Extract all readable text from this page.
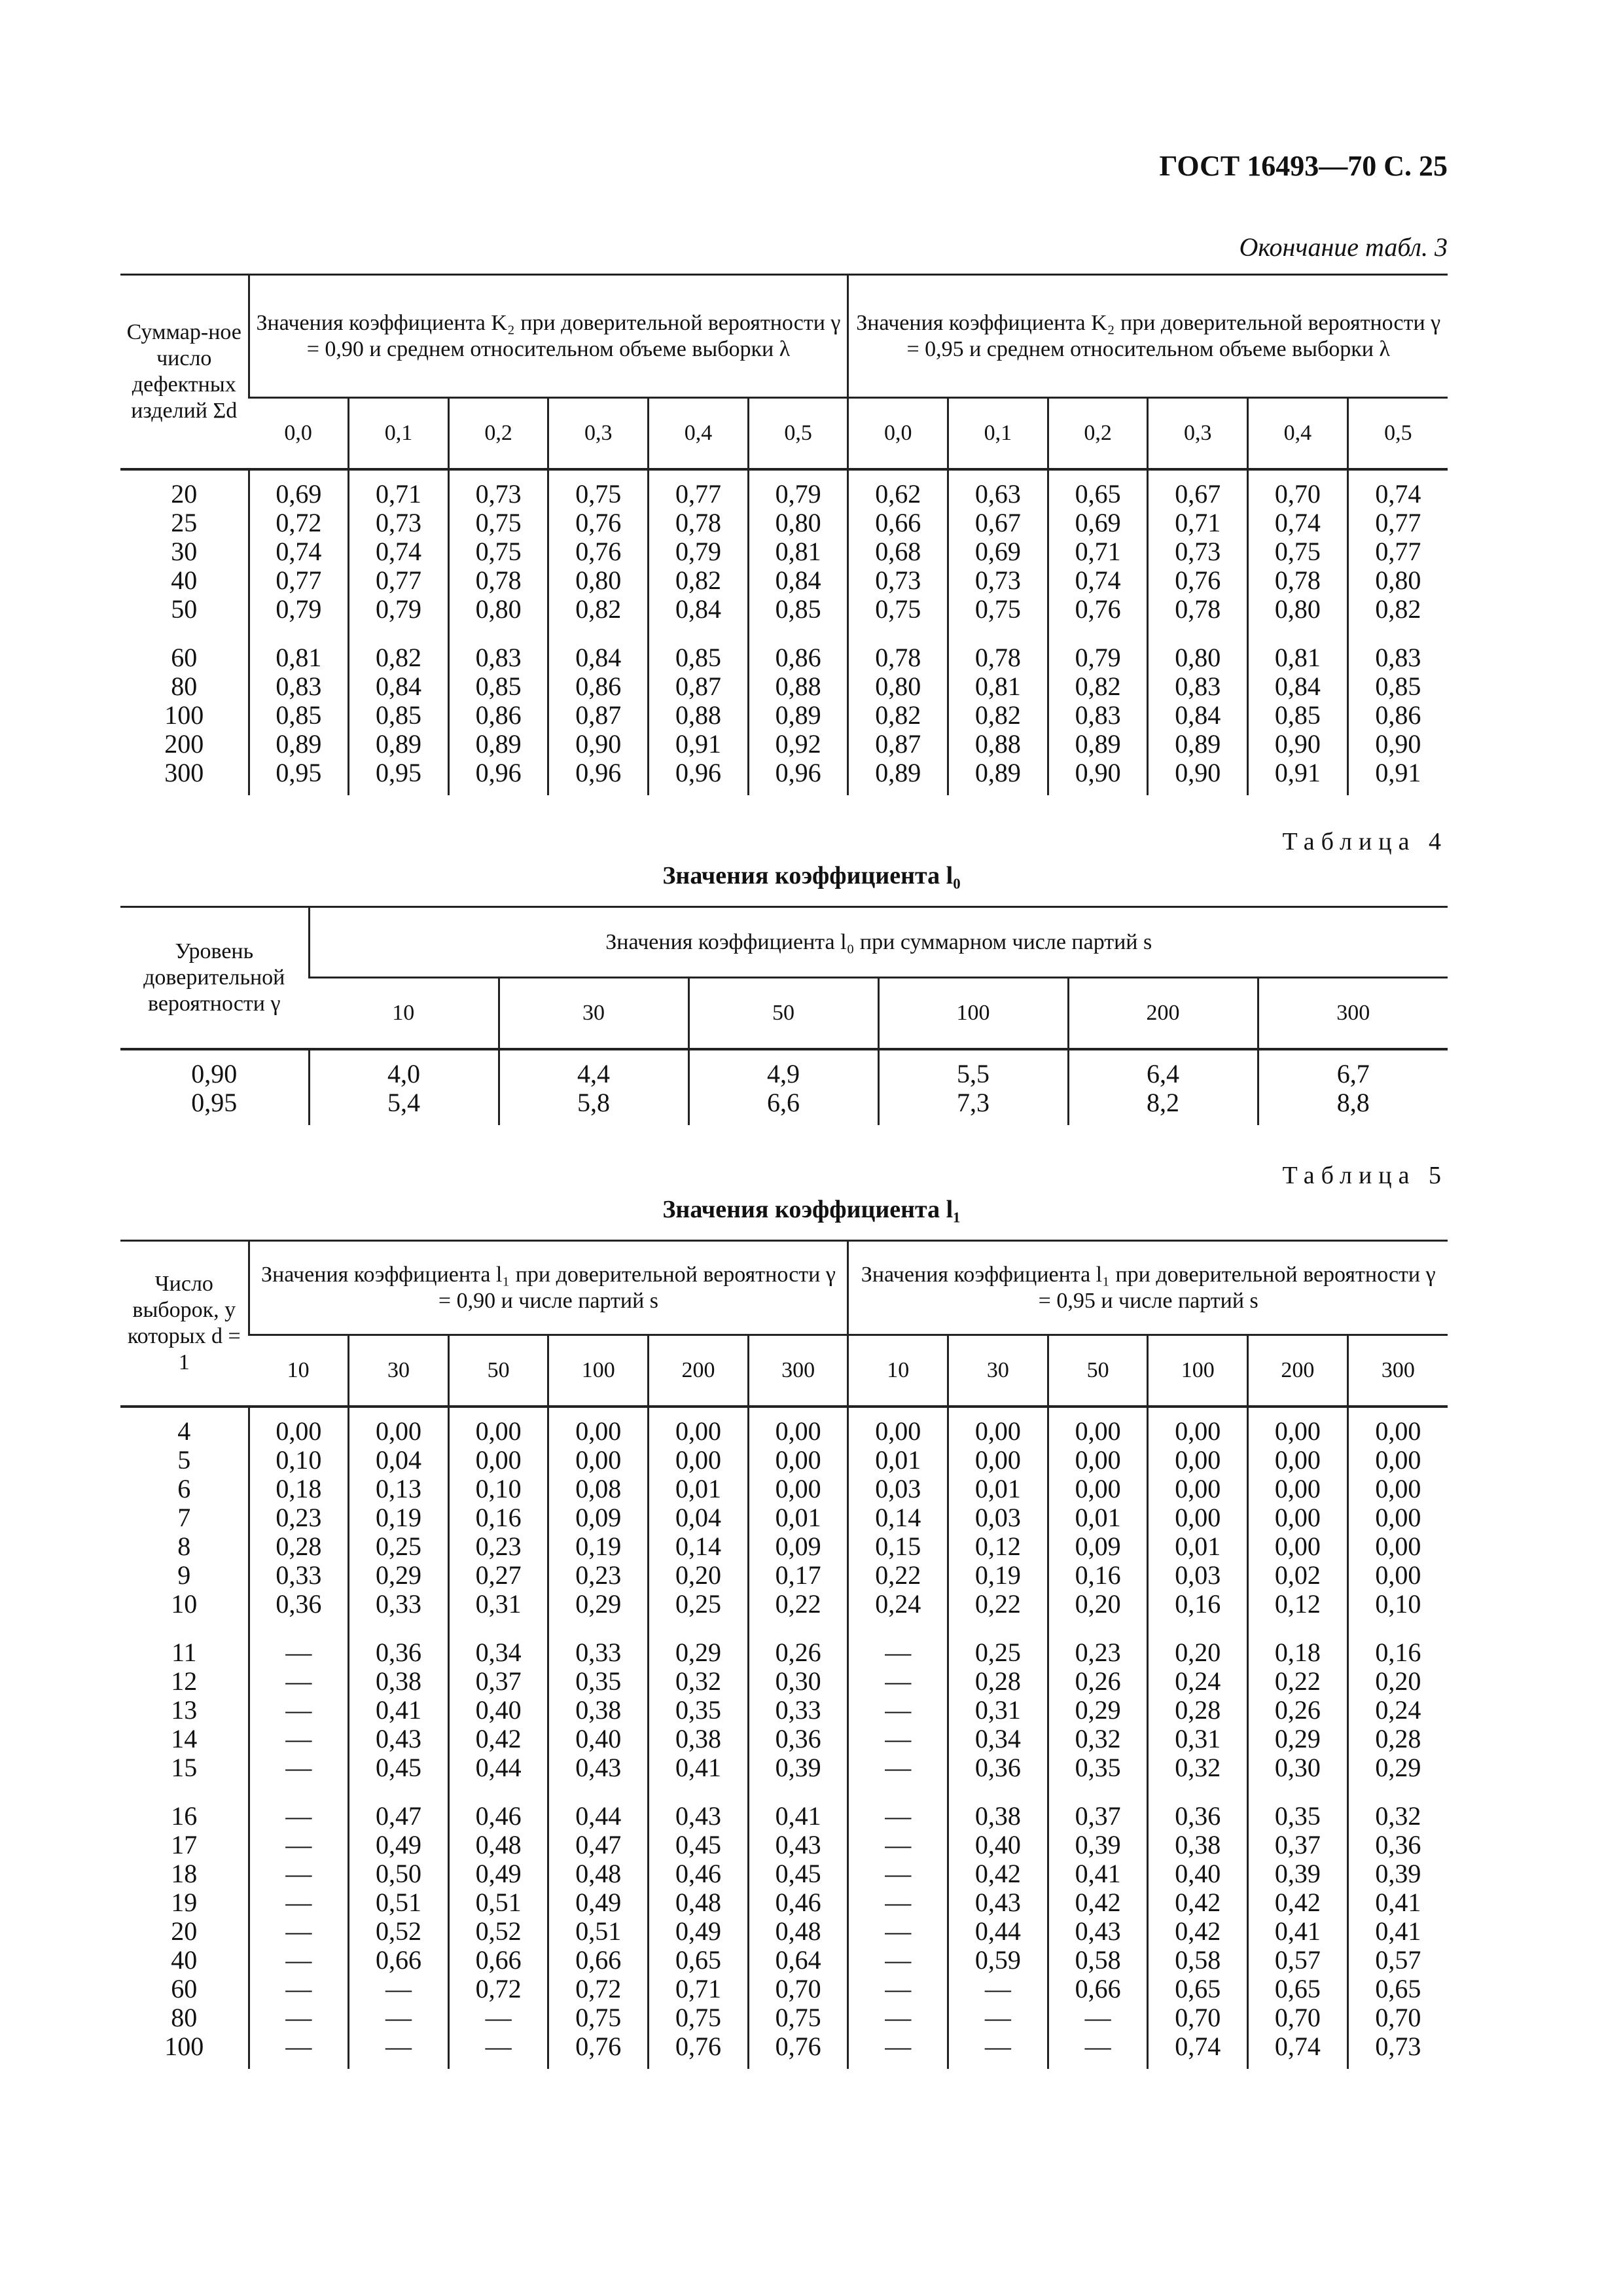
ГОСТ 16493—70 С. 25
Окончание табл. 3
Суммар-ное число дефектных изделий Σd	Значения коэффициента K₂ при доверительной вероятности γ = 0,90 и среднем относительном объеме выборки λ						Значения коэффициента K₂ при доверительной вероятности γ = 0,95 и среднем относительном объеме выборки λ					
	0,0	0,1	0,2	0,3	0,4	0,5	0,0	0,1	0,2	0,3	0,4	0,5
20	0,69	0,71	0,73	0,75	0,77	0,79	0,62	0,63	0,65	0,67	0,70	0,74
25	0,72	0,73	0,75	0,76	0,78	0,80	0,66	0,67	0,69	0,71	0,74	0,77
30	0,74	0,74	0,75	0,76	0,79	0,81	0,68	0,69	0,71	0,73	0,75	0,77
40	0,77	0,77	0,78	0,80	0,82	0,84	0,73	0,73	0,74	0,76	0,78	0,80
50	0,79	0,79	0,80	0,82	0,84	0,85	0,75	0,75	0,76	0,78	0,80	0,82
60	0,81	0,82	0,83	0,84	0,85	0,86	0,78	0,78	0,79	0,80	0,81	0,83
80	0,83	0,84	0,85	0,86	0,87	0,88	0,80	0,81	0,82	0,83	0,84	0,85
100	0,85	0,85	0,86	0,87	0,88	0,89	0,82	0,82	0,83	0,84	0,85	0,86
200	0,89	0,89	0,89	0,90	0,91	0,92	0,87	0,88	0,89	0,89	0,90	0,90
300	0,95	0,95	0,96	0,96	0,96	0,96	0,89	0,89	0,90	0,90	0,91	0,91
Таблица 4
Значения коэффициента l₀
Уровень доверительной вероятности γ	Значения коэффициента l₀ при суммарном числе партий s					
	10	30	50	100	200	300
0,90	4,0	4,4	4,9	5,5	6,4	6,7
0,95	5,4	5,8	6,6	7,3	8,2	8,8
Таблица 5
Значения коэффициента l₁
Число выборок, у которых d = 1	Значения коэффициента l₁ при доверительной вероятности γ = 0,90 и числе партий s						Значения коэффициента l₁ при доверительной вероятности γ = 0,95 и числе партий s					
	10	30	50	100	200	300	10	30	50	100	200	300
4	0,00	0,00	0,00	0,00	0,00	0,00	0,00	0,00	0,00	0,00	0,00	0,00
5	0,10	0,04	0,00	0,00	0,00	0,00	0,01	0,00	0,00	0,00	0,00	0,00
6	0,18	0,13	0,10	0,08	0,01	0,00	0,03	0,01	0,00	0,00	0,00	0,00
7	0,23	0,19	0,16	0,09	0,04	0,01	0,14	0,03	0,01	0,00	0,00	0,00
8	0,28	0,25	0,23	0,19	0,14	0,09	0,15	0,12	0,09	0,01	0,00	0,00
9	0,33	0,29	0,27	0,23	0,20	0,17	0,22	0,19	0,16	0,03	0,02	0,00
10	0,36	0,33	0,31	0,29	0,25	0,22	0,24	0,22	0,20	0,16	0,12	0,10
11	—	0,36	0,34	0,33	0,29	0,26	—	0,25	0,23	0,20	0,18	0,16
12	—	0,38	0,37	0,35	0,32	0,30	—	0,28	0,26	0,24	0,22	0,20
13	—	0,41	0,40	0,38	0,35	0,33	—	0,31	0,29	0,28	0,26	0,24
14	—	0,43	0,42	0,40	0,38	0,36	—	0,34	0,32	0,31	0,29	0,28
15	—	0,45	0,44	0,43	0,41	0,39	—	0,36	0,35	0,32	0,30	0,29
16	—	0,47	0,46	0,44	0,43	0,41	—	0,38	0,37	0,36	0,35	0,32
17	—	0,49	0,48	0,47	0,45	0,43	—	0,40	0,39	0,38	0,37	0,36
18	—	0,50	0,49	0,48	0,46	0,45	—	0,42	0,41	0,40	0,39	0,39
19	—	0,51	0,51	0,49	0,48	0,46	—	0,43	0,42	0,42	0,42	0,41
20	—	0,52	0,52	0,51	0,49	0,48	—	0,44	0,43	0,42	0,41	0,41
40	—	0,66	0,66	0,66	0,65	0,64	—	0,59	0,58	0,58	0,57	0,57
60	—	—	0,72	0,72	0,71	0,70	—	—	0,66	0,65	0,65	0,65
80	—	—	—	0,75	0,75	0,75	—	—	—	0,70	0,70	0,70
100	—	—	—	0,76	0,76	0,76	—	—	—	0,74	0,74	0,73
